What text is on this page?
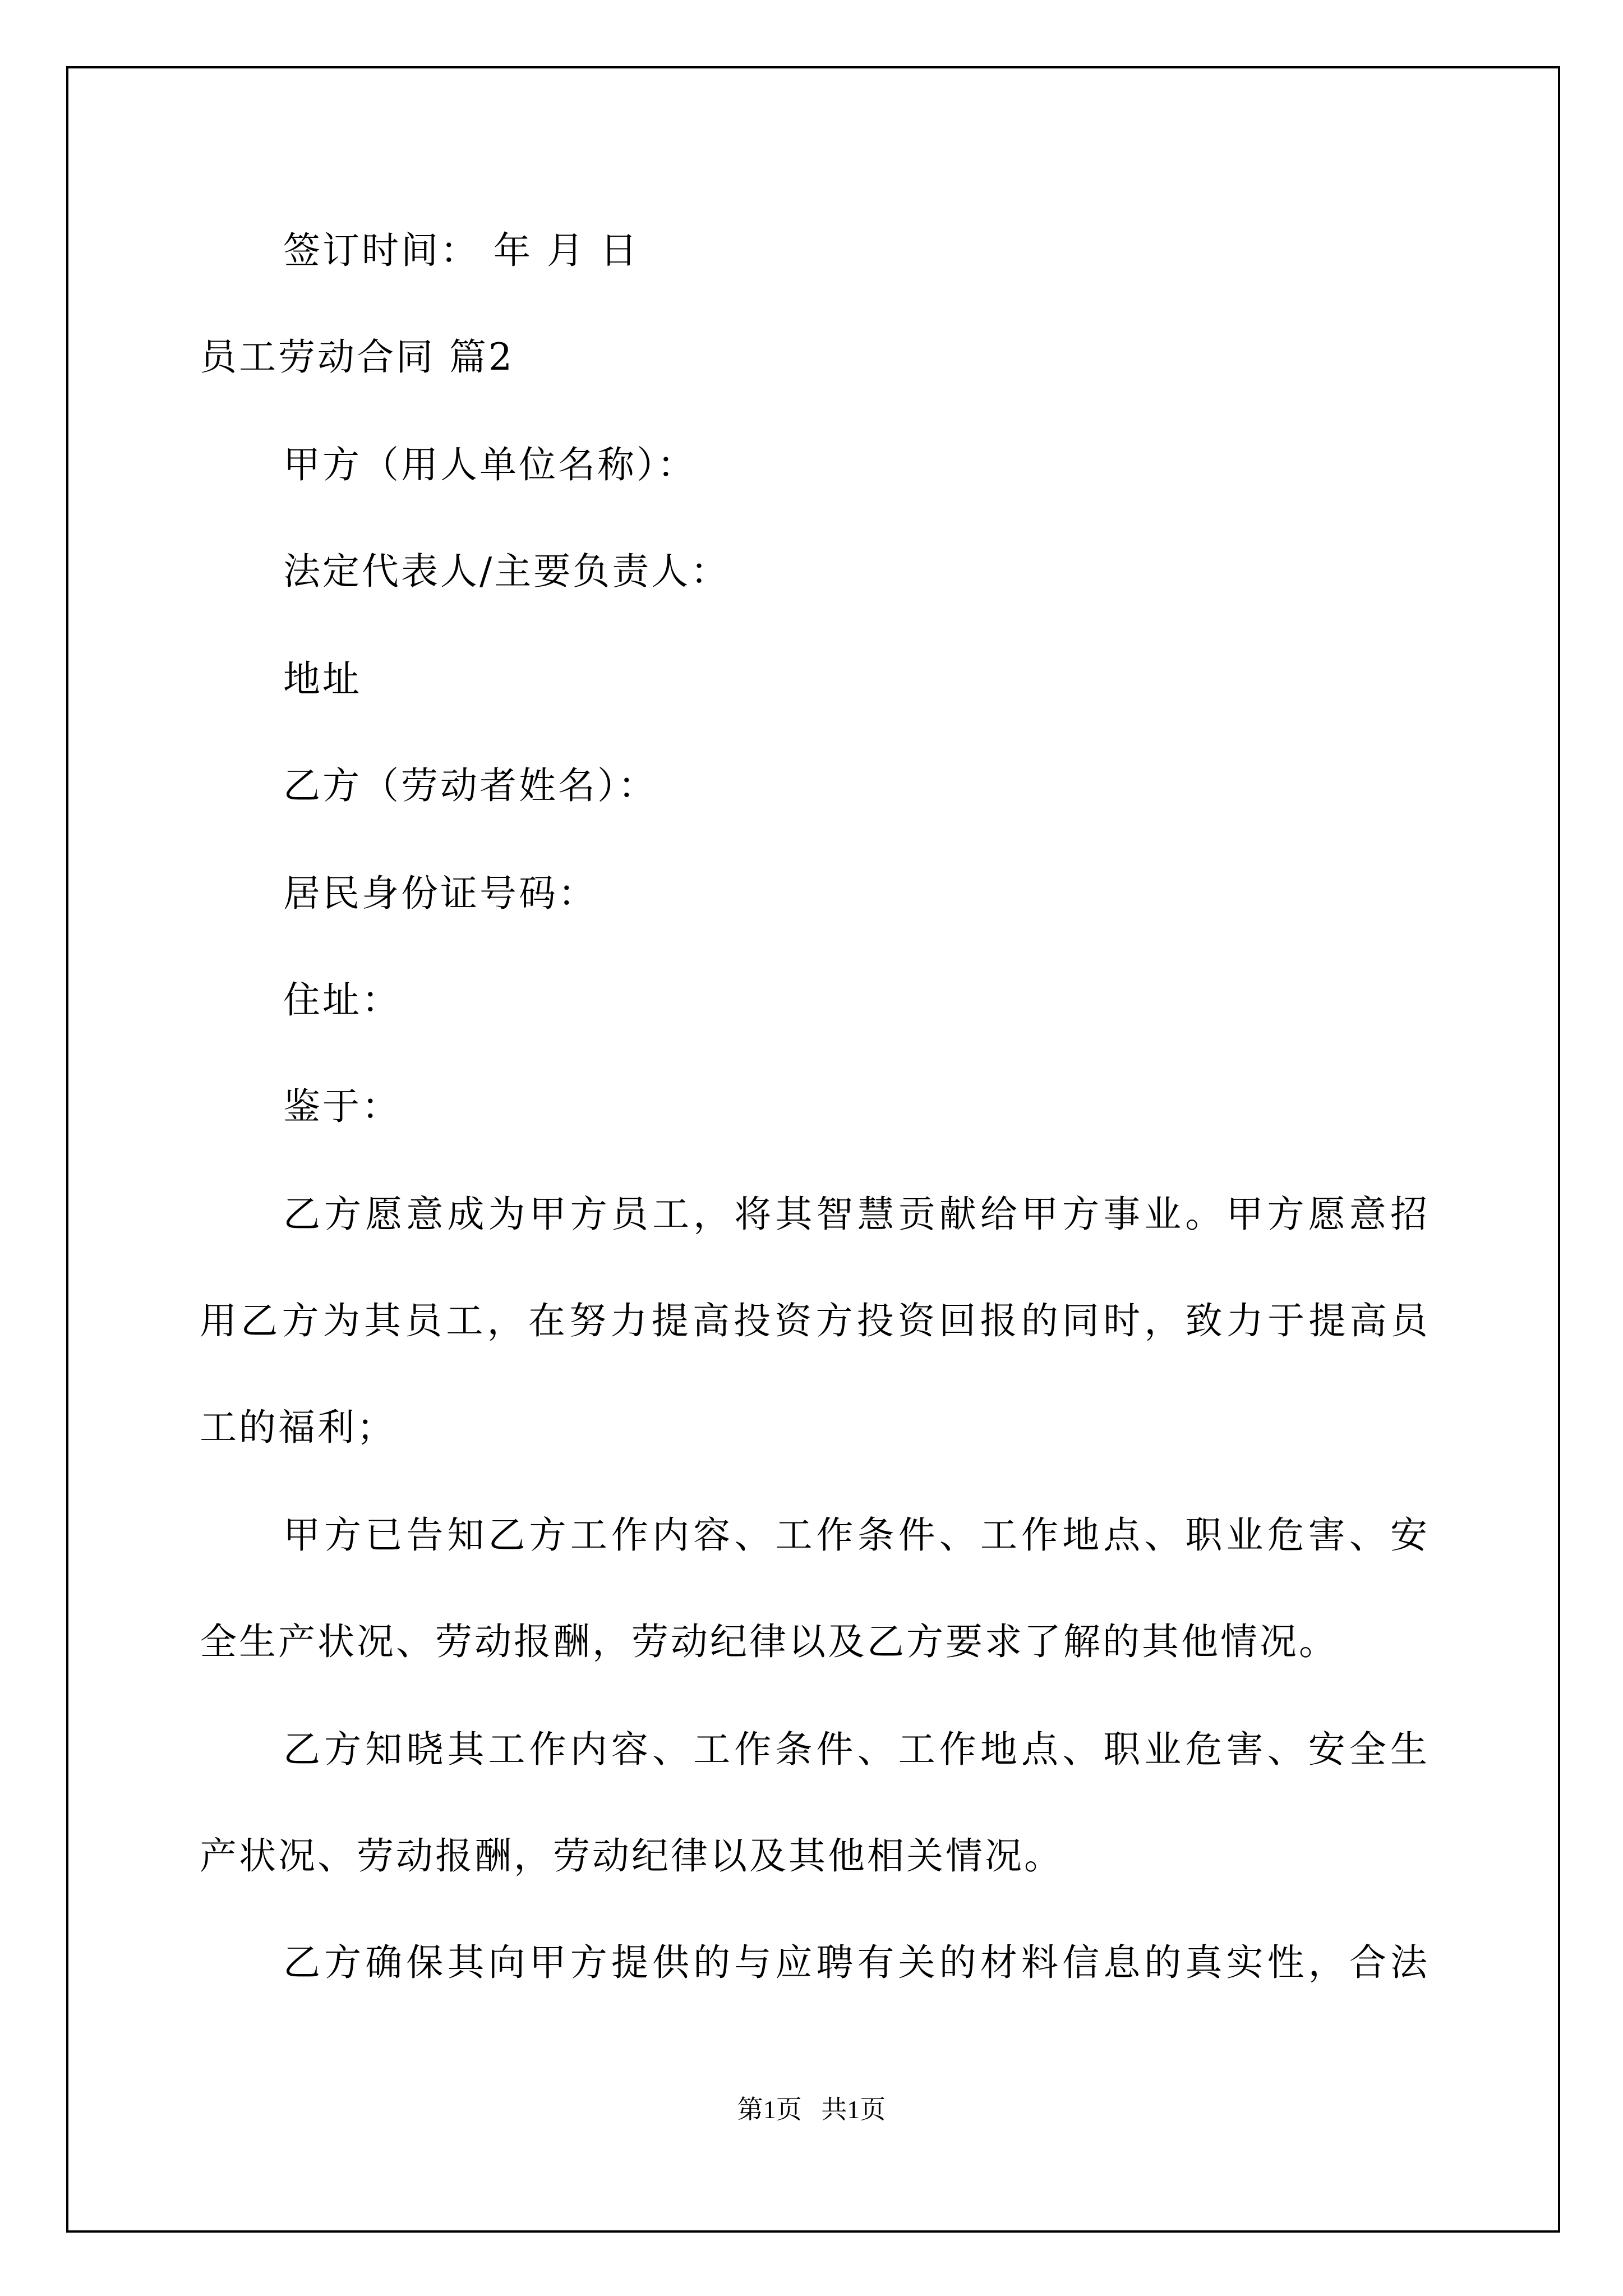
签订时间： 年 月 日

员工劳动合同 篇2

甲方（用人单位名称）：

法定代表人/主要负责人：

地址

乙方（劳动者姓名）：

居民身份证号码：

住址：

鉴于：

乙 方 愿 意 成 为 甲 方 员 工 ， 将 其 智 慧 贡 献 给 甲 方 事 业 。 甲 方 愿 意 招

用 乙 方 为 其 员 工 ， 在 努 力 提 高 投 资 方 投 资 回 报 的 同 时 ， 致 力 于 提 高 员

工的福利；

甲 方 已 告 知 乙 方 工 作 内 容 、 工 作 条 件 、 工 作 地 点 、 职 业 危 害 、 安

全生产状况、劳动报酬，劳动纪律以及乙方要求了解的其他情况。

乙 方 知 晓 其 工 作 内 容 、 工 作 条 件 、 工 作 地 点 、 职 业 危 害 、 安 全 生

产状况、劳动报酬，劳动纪律以及其他相关情况。

乙 方 确 保 其 向 甲 方 提 供 的 与 应 聘 有 关 的 材 料 信 息 的 真 实 性 ， 合 法

第1页   共1页
